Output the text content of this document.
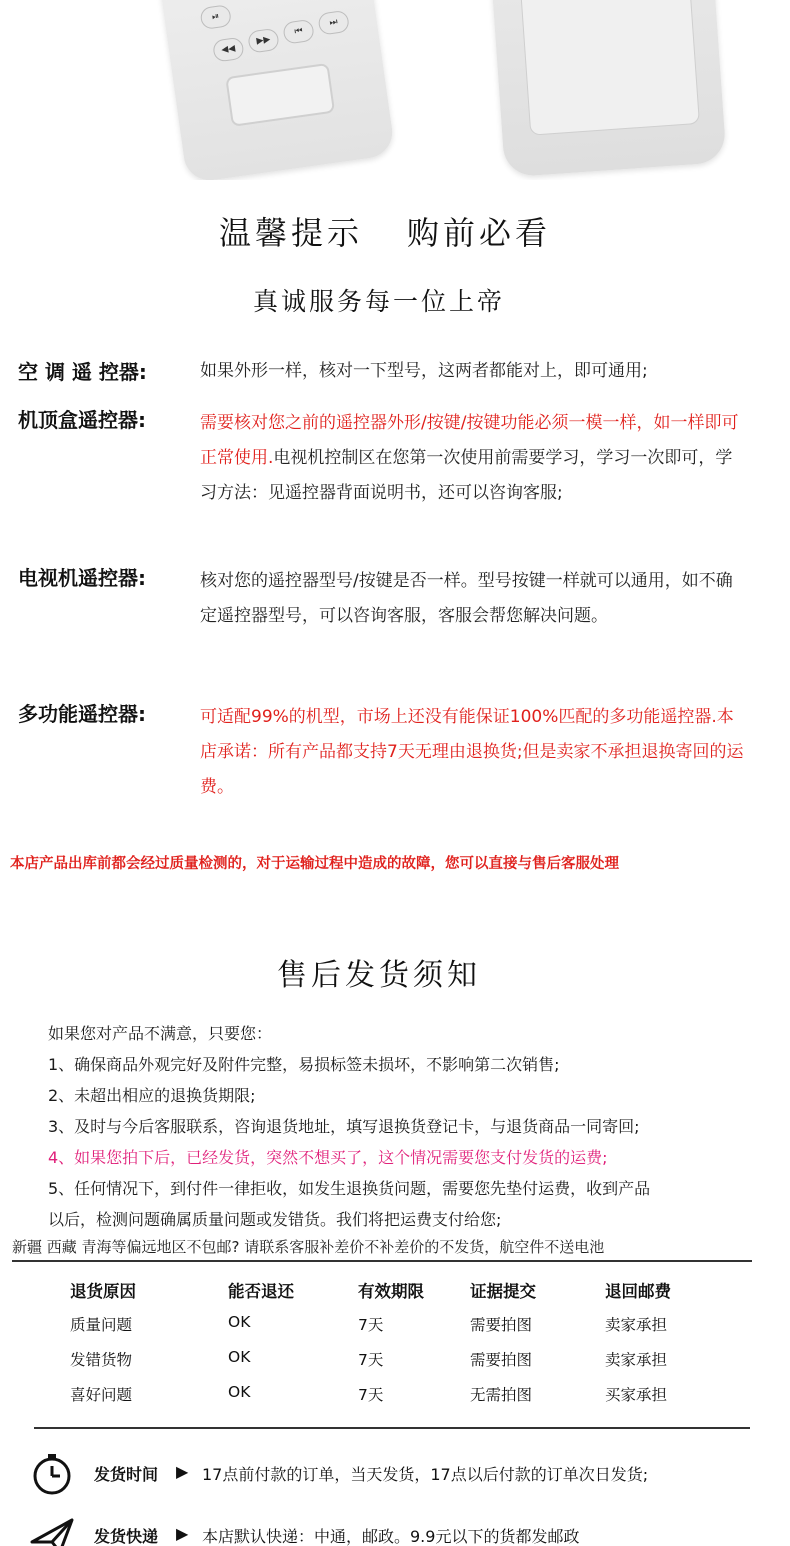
⏯
◀◀
▶▶
⏮
⏭
温馨提示 购前必看
真诚服务每一位上帝
空 调 遥 控器:	如果外形一样，核对一下型号，这两者都能对上，即可通用;
机顶盒遥控器:	需要核对您之前的遥控器外形/按键/按键功能必须一模一样，如一样即可正常使用.电视机控制区在您第一次使用前需要学习，学习一次即可，学习方法：见遥控器背面说明书，还可以咨询客服;
电视机遥控器:	核对您的遥控器型号/按键是否一样。型号按键一样就可以通用，如不确定遥控器型号，可以咨询客服，客服会帮您解决问题。
多功能遥控器:	可适配99%的机型，市场上还没有能保证100%匹配的多功能遥控器.本店承诺：所有产品都支持7天无理由退换货;但是卖家不承担退换寄回的运费。
本店产品出库前都会经过质量检测的，对于运输过程中造成的故障，您可以直接与售后客服处理
售后发货须知
如果您对产品不满意，只要您：
1、确保商品外观完好及附件完整，易损标签未损坏，不影响第二次销售;
2、未超出相应的退换货期限;
3、及时与今后客服联系，咨询退货地址，填写退换货登记卡，与退货商品一同寄回;
4、如果您拍下后，已经发货，突然不想买了，这个情况需要您支付发货的运费;
5、任何情况下，到付件一律拒收，如发生退换货问题，需要您先垫付运费，收到产品
以后，检测问题确属质量问题或发错货。我们将把运费支付给您;
新疆 西藏 青海等偏远地区不包邮? 请联系客服补差价不补差价的不发货，航空件不送电池
退货原因	能否退还	有效期限	证据提交	退回邮费
质量问题	OK	7天	需要拍图	卖家承担
发错货物	OK	7天	需要拍图	卖家承担
喜好问题	OK	7天	无需拍图	买家承担
发货时间 ▶ 17点前付款的订单，当天发货，17点以后付款的订单次日发货;
发货快递 ▶ 本店默认快递：中通，邮政。9.9元以下的货都发邮政
